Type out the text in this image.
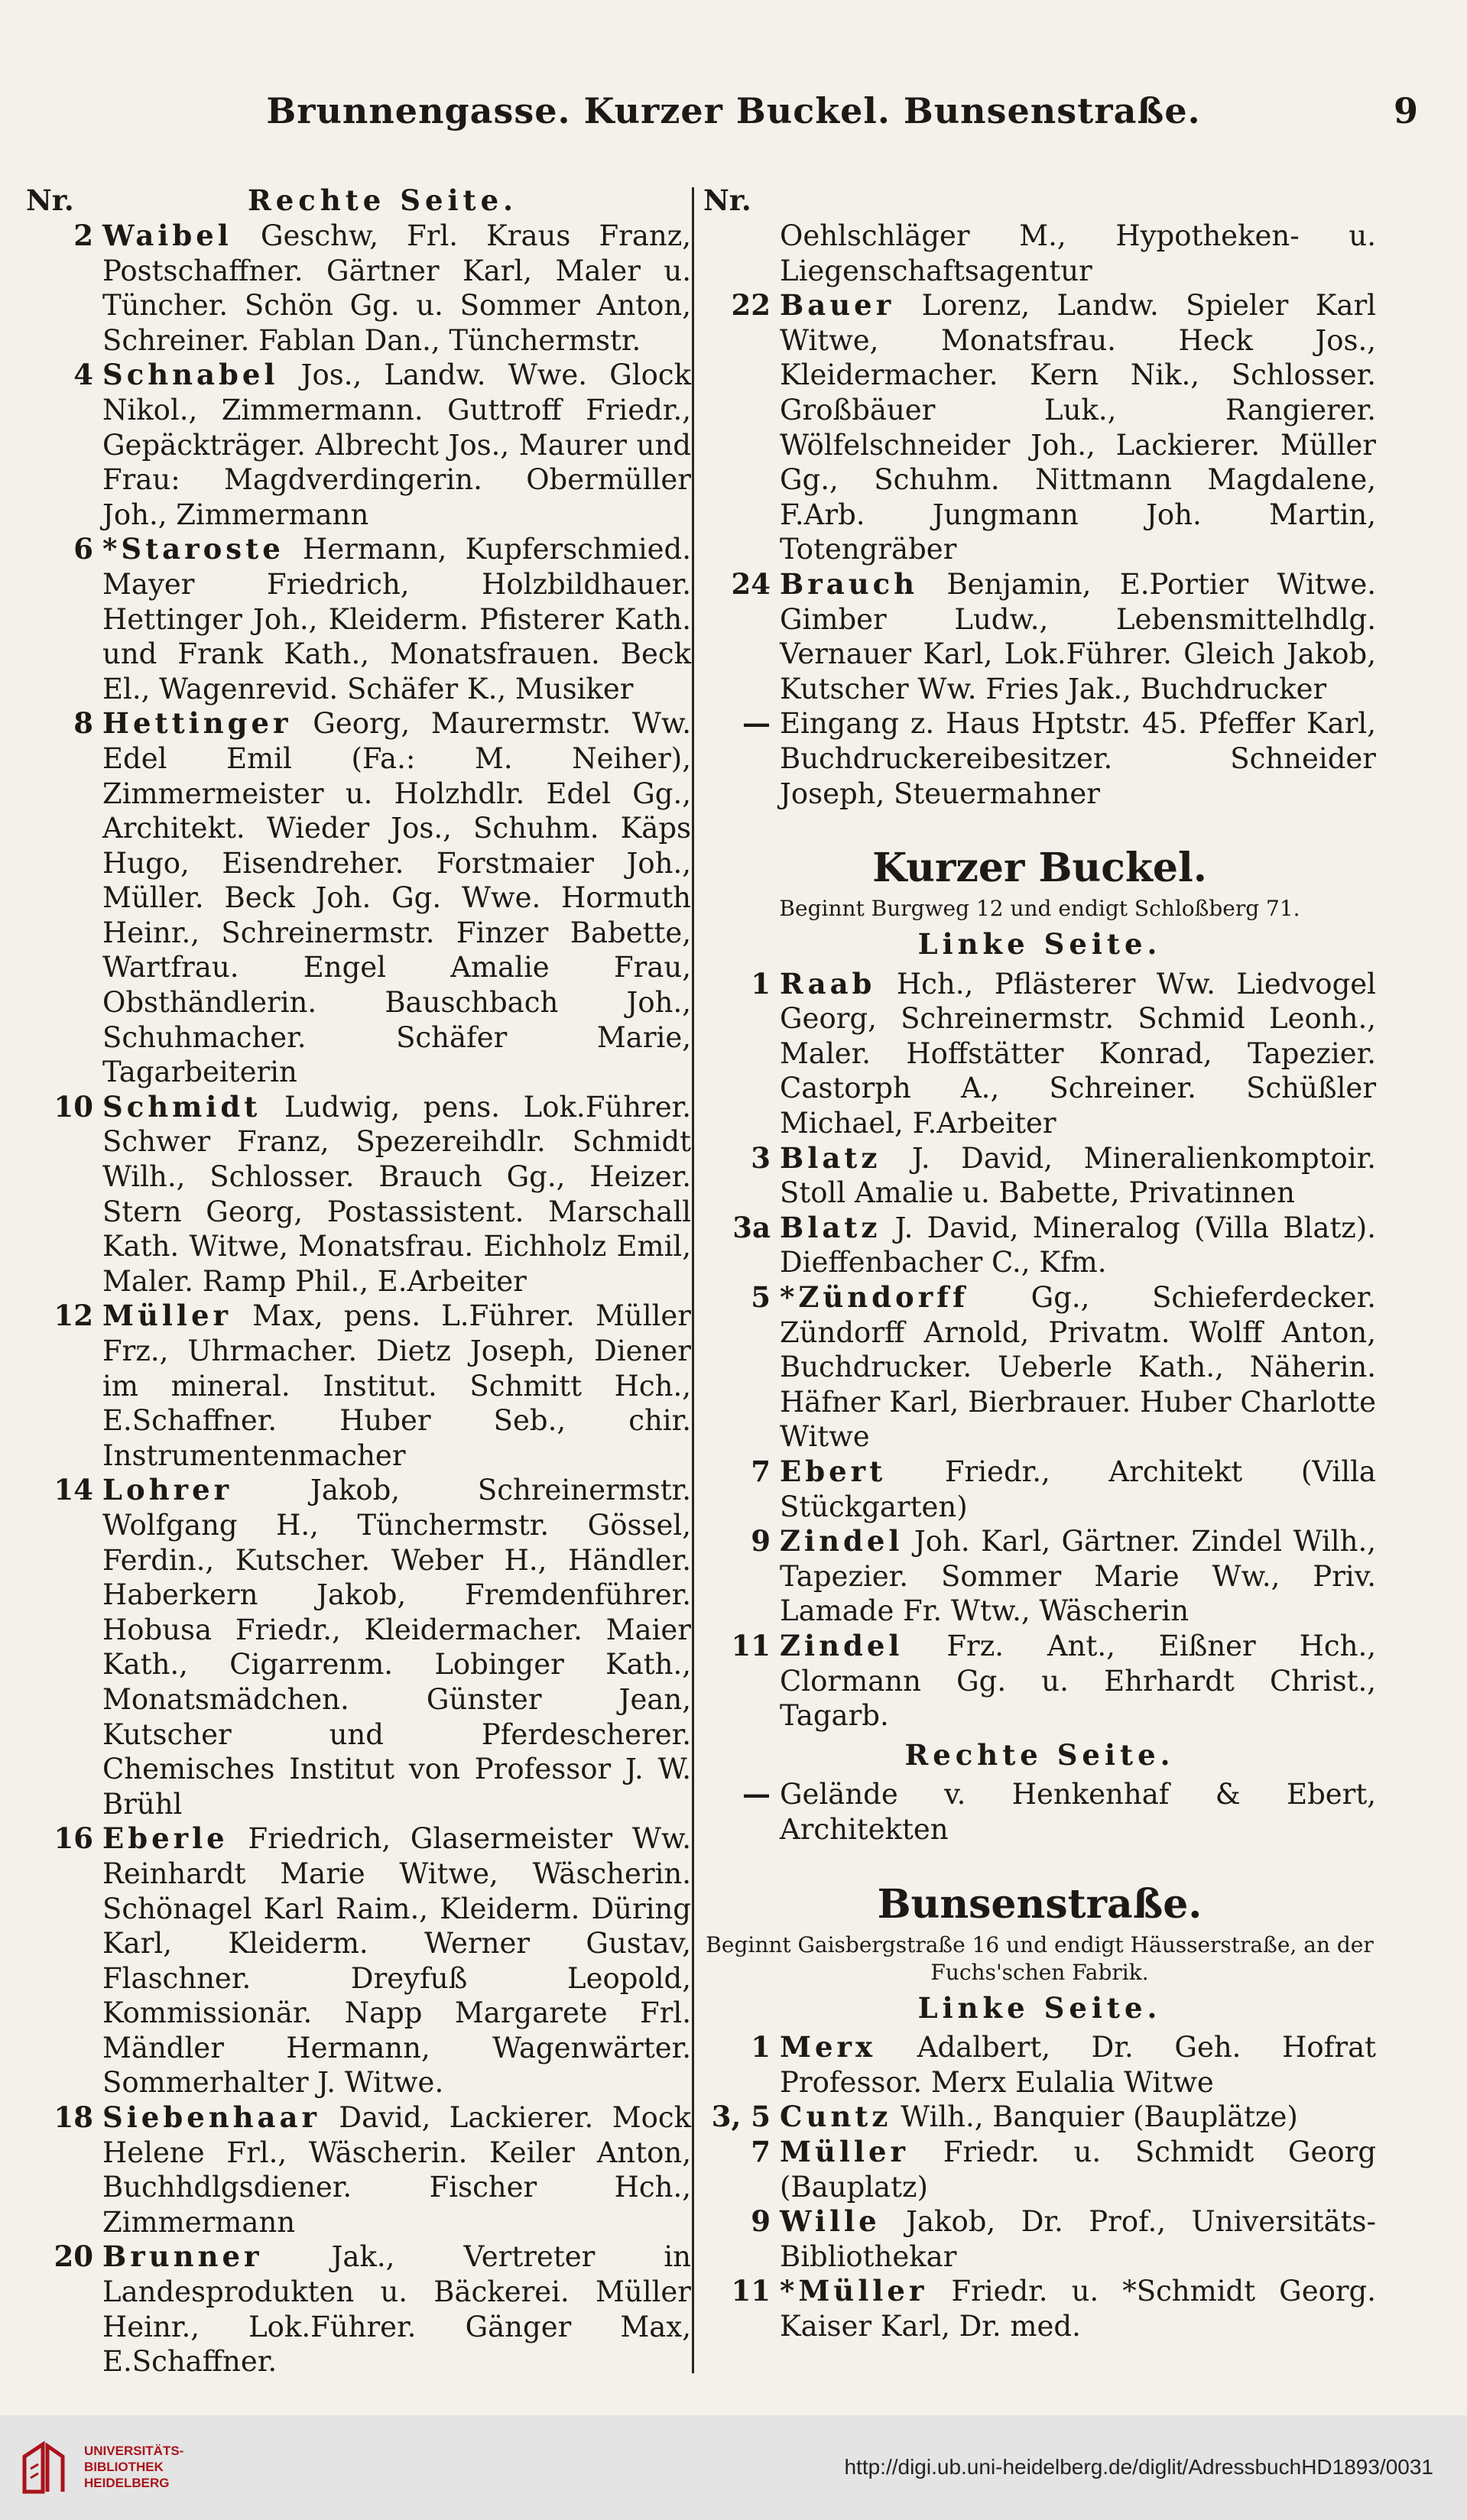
Brunnengasse. Kurzer Buckel. Bunsenstraße.	9
Nr.	Rechte Seite.
2 Waibel Geschw, Frl. Kraus Franz, Postschaffner. Gärtner Karl, Maler u. Tüncher. Schön Gg. u. Sommer Anton, Schreiner. Fablan Dan., Tünchermstr.
4 Schnabel Jos., Landw. Wwe. Glock Nikol., Zimmermann. Guttroff Friedr., Gepäckträger. Albrecht Jos., Maurer und Frau: Magdverdingerin. Obermüller Joh., Zimmermann
6 *Staroste Hermann, Kupferschmied. Mayer Friedrich, Holzbildhauer. Hettinger Joh., Kleiderm. Pfisterer Kath. und Frank Kath., Monatsfrauen. Beck El., Wagenrevid. Schäfer K., Musiker
8 Hettinger Georg, Maurermstr. Ww. Edel Emil (Fa.: M. Neiher), Zimmermeister u. Holzhdlr. Edel Gg., Architekt. Wieder Jos., Schuhm. Käps Hugo, Eisendreher. Forstmaier Joh., Müller. Beck Joh. Gg. Wwe. Hormuth Heinr., Schreinermstr. Finzer Babette, Wartfrau. Engel Amalie Frau, Obsthändlerin. Bauschbach Joh., Schuhmacher. Schäfer Marie, Tagarbeiterin
10 Schmidt Ludwig, pens. Lok.Führer. Schwer Franz, Spezereihdlr. Schmidt Wilh., Schlosser. Brauch Gg., Heizer. Stern Georg, Postassistent. Marschall Kath. Witwe, Monatsfrau. Eichholz Emil, Maler. Ramp Phil., E.Arbeiter
12 Müller Max, pens. L.Führer. Müller Frz., Uhrmacher. Dietz Joseph, Diener im mineral. Institut. Schmitt Hch., E.Schaffner. Huber Seb., chir. Instrumentenmacher
14 Lohrer Jakob, Schreinermstr. Wolfgang H., Tünchermstr. Gössel, Ferdin., Kutscher. Weber H., Händler. Haberkern Jakob, Fremdenführer. Hobusa Friedr., Kleidermacher. Maier Kath., Cigarrenm. Lobinger Kath., Monatsmädchen. Günster Jean, Kutscher und Pferdescherer. Chemisches Institut von Professor J. W. Brühl
16 Eberle Friedrich, Glasermeister Ww. Reinhardt Marie Witwe, Wäscherin. Schönagel Karl Raim., Kleiderm. Düring Karl, Kleiderm. Werner Gustav, Flaschner. Dreyfuß Leopold, Kommissionär. Napp Margarete Frl. Mändler Hermann, Wagenwärter. Sommerhalter J. Witwe.
18 Siebenhaar David, Lackierer. Mock Helene Frl., Wäscherin. Keiler Anton, Buchhdlgsdiener. Fischer Hch., Zimmermann
20 Brunner Jak., Vertreter in Landesprodukten u. Bäckerei. Müller Heinr., Lok.Führer. Gänger Max, E.Schaffner.
Nr.
Oehlschläger M., Hypotheken- u. Liegenschaftsagentur
22 Bauer Lorenz, Landw. Spieler Karl Witwe, Monatsfrau. Heck Jos., Kleidermacher. Kern Nik., Schlosser. Großbäuer Luk., Rangierer. Wölfelschneider Joh., Lackierer. Müller Gg., Schuhm. Nittmann Magdalene, F.Arb. Jungmann Joh. Martin, Totengräber
24 Brauch Benjamin, E.Portier Witwe. Gimber Ludw., Lebensmittelhdlg. Vernauer Karl, Lok.Führer. Gleich Jakob, Kutscher Ww. Fries Jak., Buchdrucker
— Eingang z. Haus Hptstr. 45. Pfeffer Karl, Buchdruckereibesitzer. Schneider Joseph, Steuermahner
Kurzer Buckel.
Beginnt Burgweg 12 und endigt Schloßberg 71.
Linke Seite.
1 Raab Hch., Pflästerer Ww. Liedvogel Georg, Schreinermstr. Schmid Leonh., Maler. Hoffstätter Konrad, Tapezier. Castorph A., Schreiner. Schüßler Michael, F.Arbeiter
3 Blatz J. David, Mineralienkomptoir. Stoll Amalie u. Babette, Privatinnen
3a Blatz J. David, Mineralog (Villa Blatz). Dieffenbacher C., Kfm.
5 *Zündorff Gg., Schieferdecker. Zündorff Arnold, Privatm. Wolff Anton, Buchdrucker. Ueberle Kath., Näherin. Häfner Karl, Bierbrauer. Huber Charlotte Witwe
7 Ebert Friedr., Architekt (Villa Stückgarten)
9 Zindel Joh. Karl, Gärtner. Zindel Wilh., Tapezier. Sommer Marie Ww., Priv. Lamade Fr. Wtw., Wäscherin
11 Zindel Frz. Ant., Eißner Hch., Clormann Gg. u. Ehrhardt Christ., Tagarb.
Rechte Seite.
— Gelände v. Henkenhaf & Ebert, Architekten
Bunsenstraße.
Beginnt Gaisbergstraße 16 und endigt Häusserstraße, an der Fuchs'schen Fabrik.
Linke Seite.
1 Merx Adalbert, Dr. Geh. Hofrat Professor. Merx Eulalia Witwe
3, 5 Cuntz Wilh., Banquier (Bauplätze)
7 Müller Friedr. u. Schmidt Georg (Bauplatz)
9 Wille Jakob, Dr. Prof., Universitäts-Bibliothekar
11 *Müller Friedr. u. *Schmidt Georg. Kaiser Karl, Dr. med.
UNIVERSITÄTS-
BIBLIOTHEK
HEIDELBERG
http://digi.ub.uni-heidelberg.de/diglit/AdressbuchHD1893/0031
